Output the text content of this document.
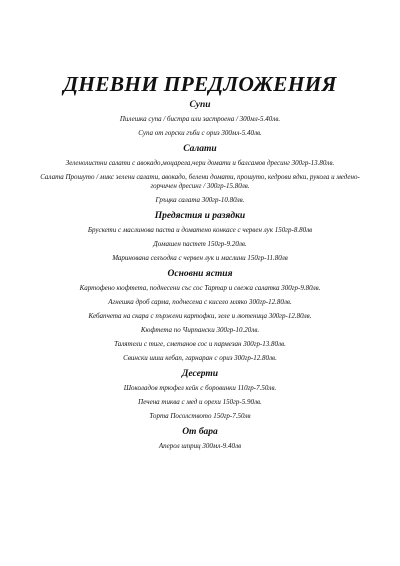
ДНЕВНИ ПРЕДЛОЖЕНИЯ
Супи
Пилешка супа / бистра или застроена / 300мл-5.40лв.
Супа от горски гъби с ориз 300мл-5.40лв.
Салати
Зеленолистни салати с авокадо,моцарела,чери домати и балсамов дресинг 300гр-13.80лв.
Салата Прошуто / микс зелени салати, авокадо, белени домати, прошуто, кедрови ядки, рукола и медено-горчичен дресинг / 300гр-15.80лв.
Гръцка салата 300гр-10.80лв.
Предястия и разядки
Брускети с маслинова паста и доматено конкасе с червен лук 150гр-8.80лв
Домашен пастет 150гр-9.20лв.
Маринована селъодка с червен лук и маслини 150гр-11.80лв
Основни ястия
Картофено кюфтета, поднесени със сос Тартар и свежа салатка 300гр-9.80лв.
Агнешка дроб сарма, поднесена с кисело мляко 300гр-12.80лв.
Кебапчета на скара с пържени картофки, зеле и лютеница 300гр-12.80лв.
Кюфтета по Чирпански 300гр-10.20лв.
Талятели с тиге, сметанов сос и пармезан 300гр-13.80лв.
Свински шиш кебап, гарнаран с ориз 300гр-12.80лв.
Десерти
Шоколадов трюфел кейк с боровинки 110гр-7.50лв.
Печена тиква с мед и орехи 150гр-5.90лв.
Торта Посолството 150гр-7.50лв
От бара
Аперол шприц 300мл-9.40лв
